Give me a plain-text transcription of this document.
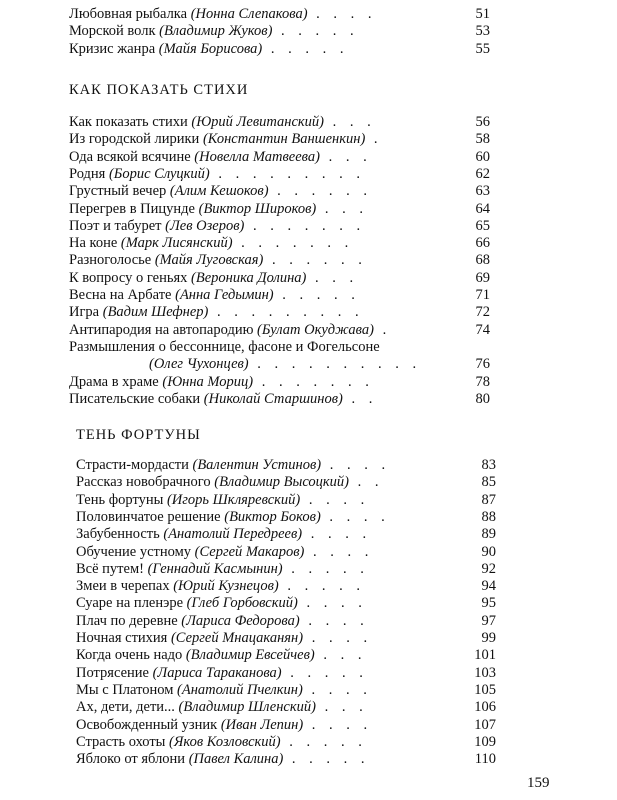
Любовная рыбалка (Нонна Слепакова) . . . .	51
Морской волк (Владимир Жуков) . . . . .	53
Кризис жанра (Майя Борисова) . . . . .	55
КАК ПОКАЗАТЬ СТИХИ
Как показать стихи (Юрий Левитанский) . . .	56
Из городской лирики (Константин Ваншенкин) .	58
Ода всякой всячине (Новелла Матвеева) . . .	60
Родня (Борис Слуцкий) . . . . . . . . .	62
Грустный вечер (Алим Кешоков) . . . . . .	63
Перегрев в Пицунде (Виктор Широков) . . .	64
Поэт и табурет (Лев Озеров) . . . . . . .	65
На коне (Марк Лисянский) . . . . . . .	66
Разноголосье (Майя Луговская) . . . . . .	68
К вопросу о геньях (Вероника Долина) . . .	69
Весна на Арбате (Анна Гедымин) . . . . .	71
Игра (Вадим Шефнер) . . . . . . . . .	72
Антипародия на автопародию (Булат Окуджава) .	74
Размышления о бессоннице, фасоне и Фогельсоне
(Олег Чухонцев) . . . . . . . . . .	76
Драма в храме (Юнна Мориц) . . . . . . .	78
Писательские собаки (Николай Старшинов) . .	80
ТЕНЬ ФОРТУНЫ
Страсти-мордасти (Валентин Устинов) . . . .	83
Рассказ новобрачного (Владимир Высоцкий) . .	85
Тень фортуны (Игорь Шкляревский) . . . .	87
Половинчатое решение (Виктор Боков) . . . .	88
Забубенность (Анатолий Передреев) . . . .	89
Обучение устному (Сергей Макаров) . . . .	90
Всё путем! (Геннадий Касмынин) . . . . .	92
Змеи в черепах (Юрий Кузнецов) . . . . .	94
Суаре на пленэре (Глеб Горбовский) . . . .	95
Плач по деревне (Лариса Федорова) . . . .	97
Ночная стихия (Сергей Мнацаканян) . . . .	99
Когда очень надо (Владимир Евсейчев) . . .	101
Потрясение (Лариса Тараканова) . . . . .	103
Мы с Платоном (Анатолий Пчелкин) . . . .	105
Ах, дети, дети... (Владимир Шленский) . . .	106
Освобожденный узник (Иван Лепин) . . . .	107
Страсть охоты (Яков Козловский) . . . . .	109
Яблоко от яблони (Павел Калина) . . . . .	110
159
